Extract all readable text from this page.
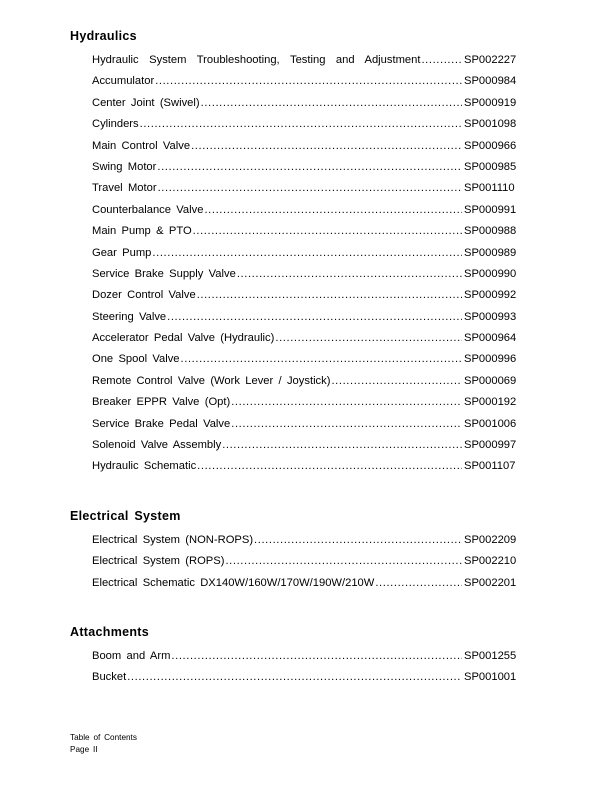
Hydraulics
Hydraulic System Troubleshooting, Testing and Adjustment .....	SP002227
Accumulator .....	SP000984
Center Joint (Swivel) .....	SP000919
Cylinders .....	SP001098
Main Control Valve .....	SP000966
Swing Motor .....	SP000985
Travel Motor .....	SP001110
Counterbalance Valve .....	SP000991
Main Pump & PTO .....	SP000988
Gear Pump .....	SP000989
Service Brake Supply Valve .....	SP000990
Dozer Control Valve .....	SP000992
Steering Valve .....	SP000993
Accelerator Pedal Valve (Hydraulic) .....	SP000964
One Spool Valve .....	SP000996
Remote Control Valve (Work Lever / Joystick) .....	SP000069
Breaker EPPR Valve (Opt) .....	SP000192
Service Brake Pedal Valve .....	SP001006
Solenoid Valve Assembly .....	SP000997
Hydraulic Schematic .....	SP001107
Electrical System
Electrical System (NON-ROPS) .....	SP002209
Electrical System (ROPS) .....	SP002210
Electrical Schematic DX140W/160W/170W/190W/210W .....	SP002201
Attachments
Boom and Arm .....	SP001255
Bucket .....	SP001001
Table of Contents
Page II
